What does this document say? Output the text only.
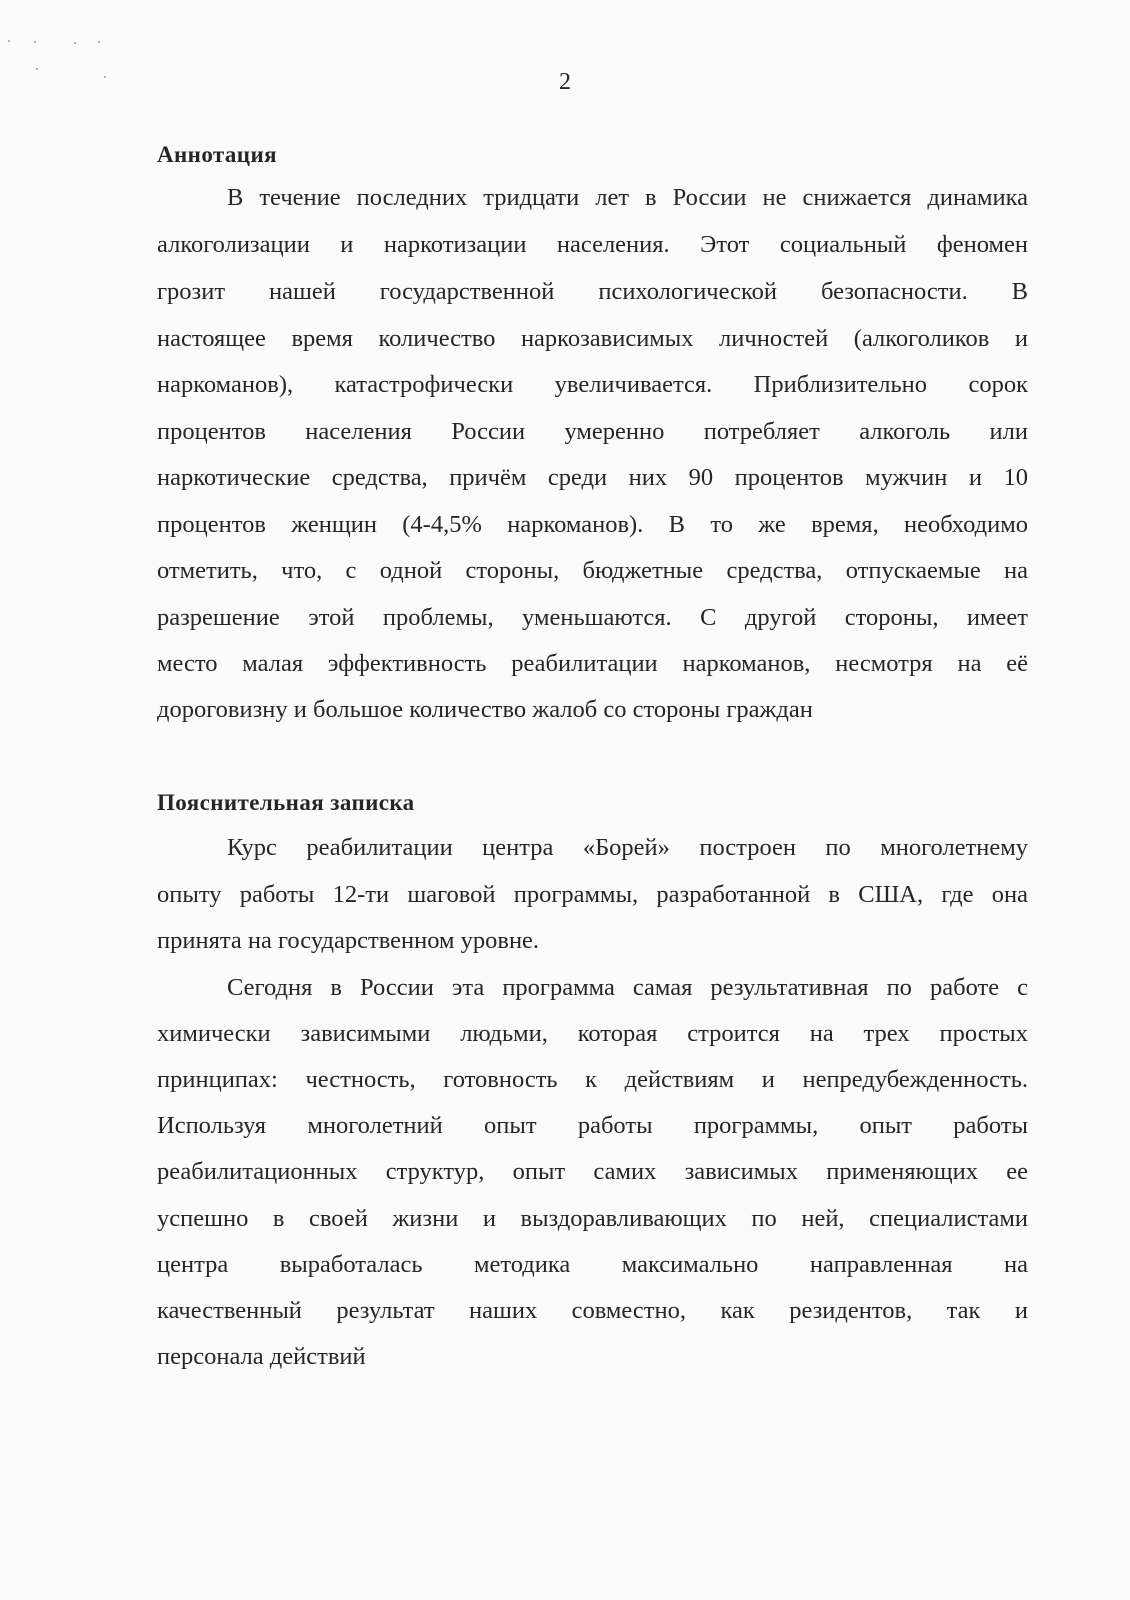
2
Аннотация
В течение последних тридцати лет в России не снижается динамика
алкоголизации и наркотизации населения. Этот социальный феномен
грозит нашей государственной психологической безопасности. В
настоящее время количество наркозависимых личностей (алкоголиков и
наркоманов), катастрофически увеличивается. Приблизительно сорок
процентов населения России умеренно потребляет алкоголь или
наркотические средства, причём среди них 90 процентов мужчин и 10
процентов женщин (4-4,5% наркоманов). В то же время, необходимо
отметить, что, с одной стороны, бюджетные средства, отпускаемые на
разрешение этой проблемы, уменьшаются. С другой стороны, имеет
место малая эффективность реабилитации наркоманов, несмотря на её
дороговизну и большое количество жалоб со стороны граждан
Пояснительная записка
Курс реабилитации центра «Борей» построен по многолетнему
опыту работы 12-ти шаговой программы, разработанной в США, где она
принята на государственном уровне.
Сегодня в России эта программа самая результативная по работе с
химически зависимыми людьми, которая строится на трех простых
принципах: честность, готовность к действиям и непредубежденность.
Используя многолетний опыт работы программы, опыт работы
реабилитационных структур, опыт самих зависимых применяющих ее
успешно в своей жизни и выздоравливающих по ней, специалистами
центра выработалась методика максимально направленная на
качественный результат наших совместно, как резидентов, так и
персонала действий
